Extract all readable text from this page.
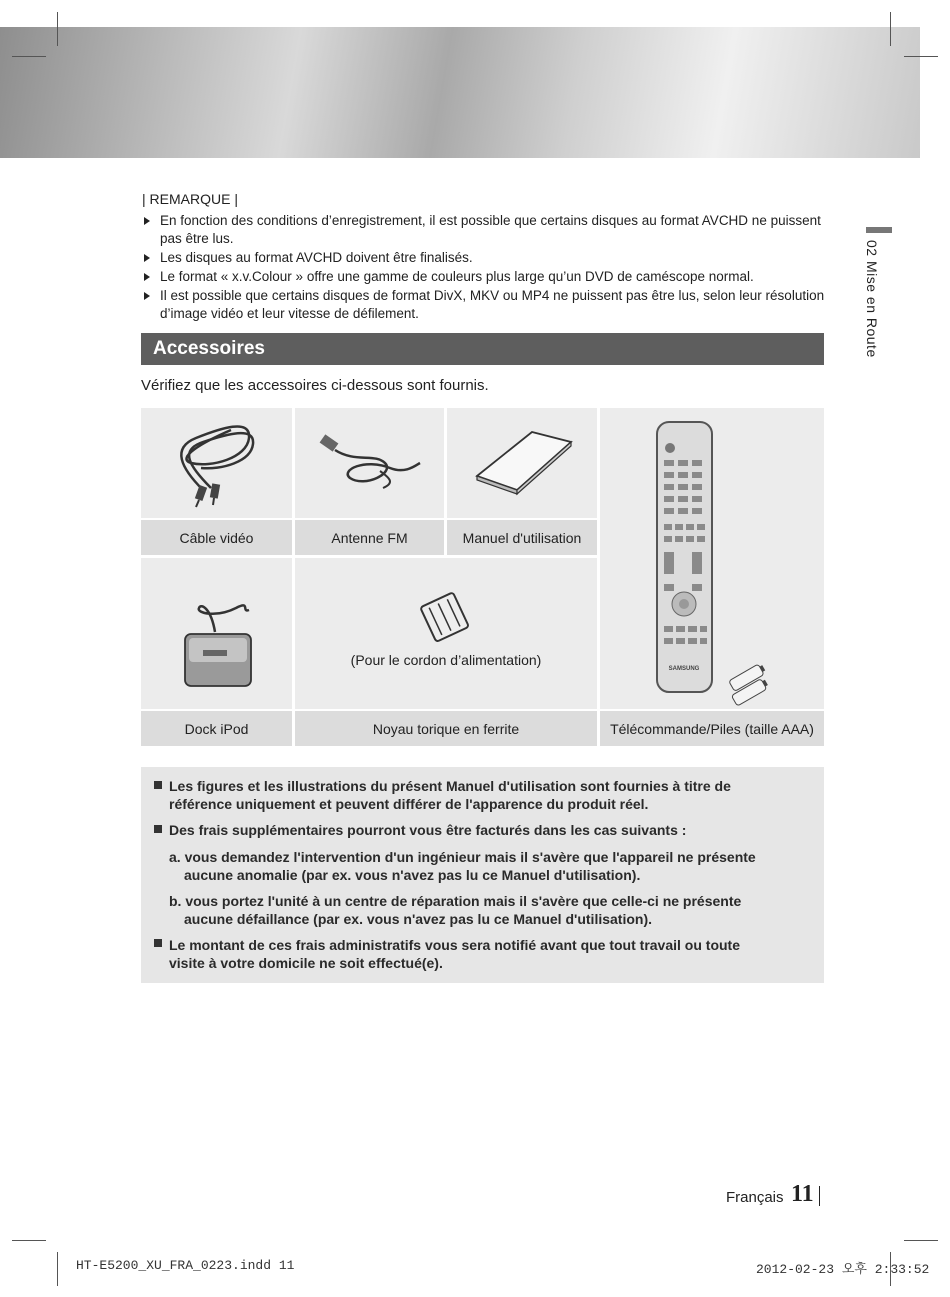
02 Mise en Route
| REMARQUE |
En fonction des conditions d’enregistrement, il est possible que certains disques au format AVCHD ne puissent pas être lus.
Les disques au format AVCHD doivent être finalisés.
Le format « x.v.Colour » offre une gamme de couleurs plus large qu’un DVD de caméscope normal.
Il est possible que certains disques de format DivX, MKV ou MP4 ne puissent pas être lus, selon leur résolution d’image vidéo et leur vitesse de défilement.
Accessoires
Vérifiez que les accessoires ci-dessous sont fournis.
SAMSUNG
Câble vidéo	Antenne FM	Manuel d'utilisation
(Pour le cordon d’alimentation)
Dock iPod	Noyau torique en ferrite	Télécommande/Piles (taille AAA)
Les figures et les illustrations du présent Manuel d'utilisation sont fournies à titre de référence uniquement et peuvent différer de l'apparence du produit réel.
Des frais supplémentaires pourront vous être facturés dans les cas suivants :
a. vous demandez l'intervention d'un ingénieur mais il s'avère que l'appareil ne présente aucune anomalie (par ex. vous n'avez pas lu ce Manuel d'utilisation).
b. vous portez l'unité à un centre de réparation mais il s'avère que celle-ci ne présente aucune défaillance (par ex. vous n'avez pas lu ce Manuel d'utilisation).
Le montant de ces frais administratifs vous sera notifié avant que tout travail ou toute visite à votre domicile ne soit effectué(e).
Français 11
HT-E5200_XU_FRA_0223.indd 11	2012-02-23 오후 2:33:52
